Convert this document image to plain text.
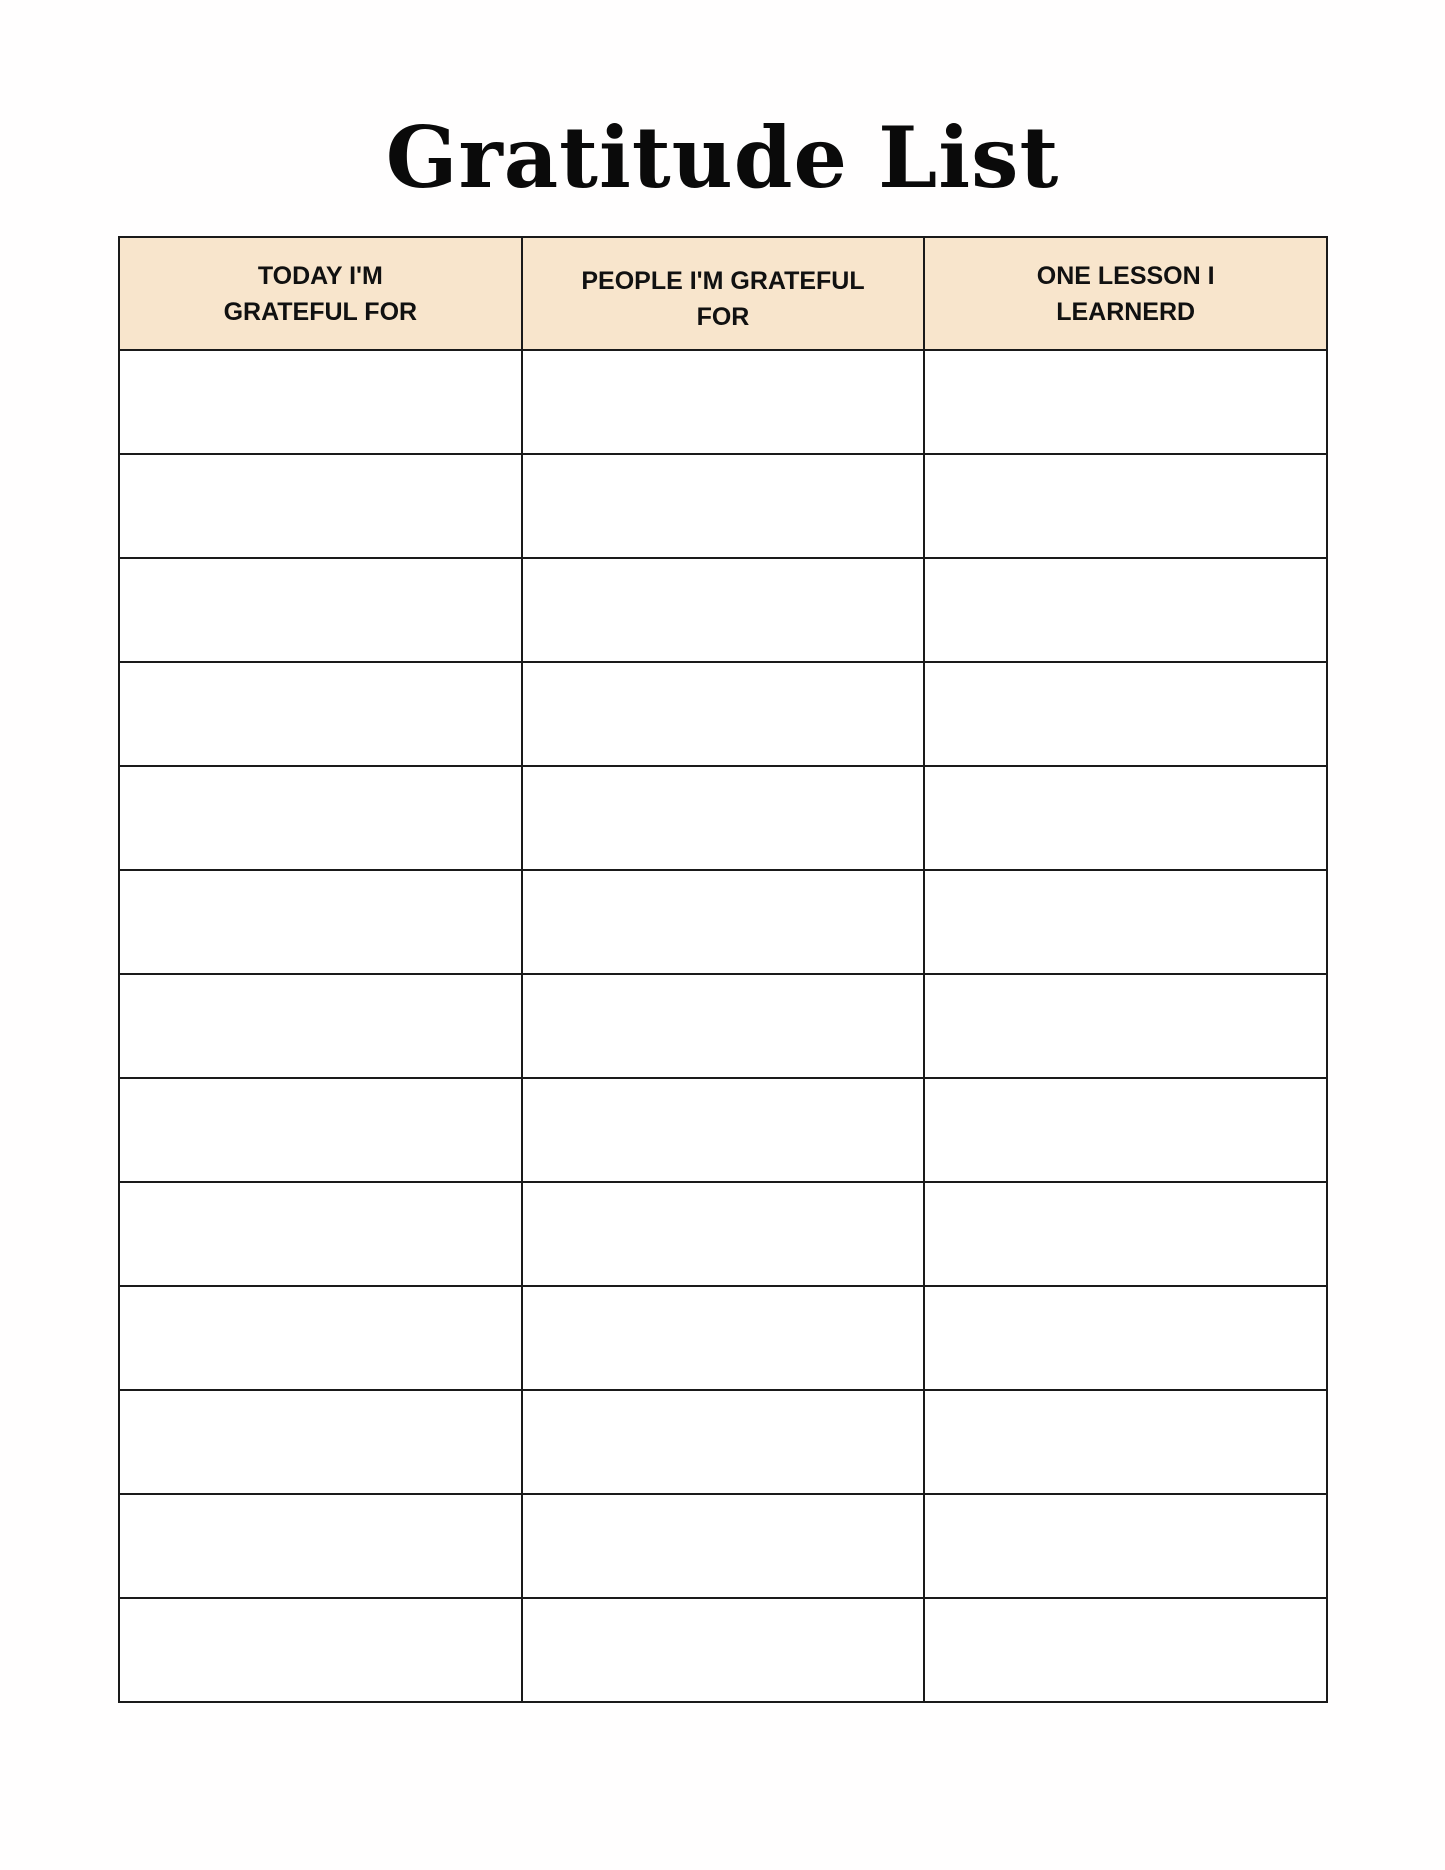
Gratitude List
TODAY I'M GRATEFUL FOR	PEOPLE I'M GRATEFUL FOR	ONE LESSON I LEARNERD
